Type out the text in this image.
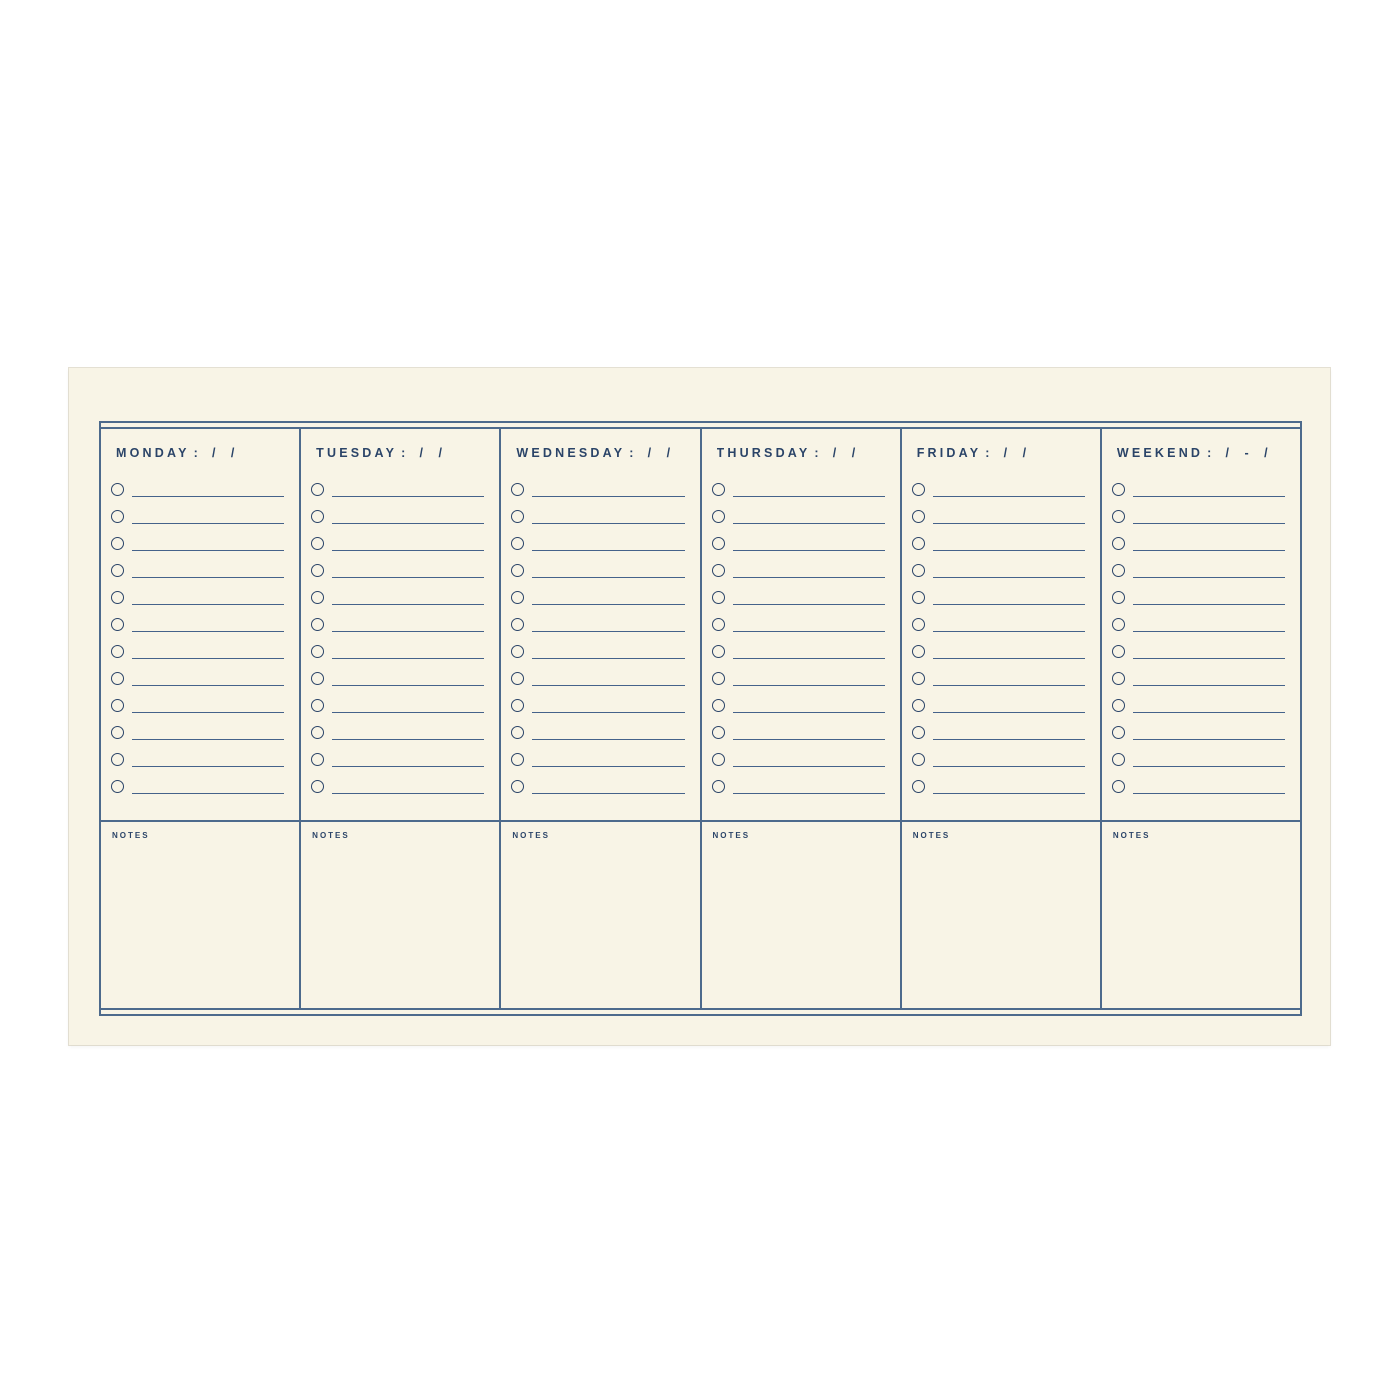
MONDAY : / /
NOTES
TUESDAY : / /
NOTES
WEDNESDAY : / /
NOTES
THURSDAY : / /
NOTES
FRIDAY : / /
NOTES
WEEKEND : / - /
NOTES
